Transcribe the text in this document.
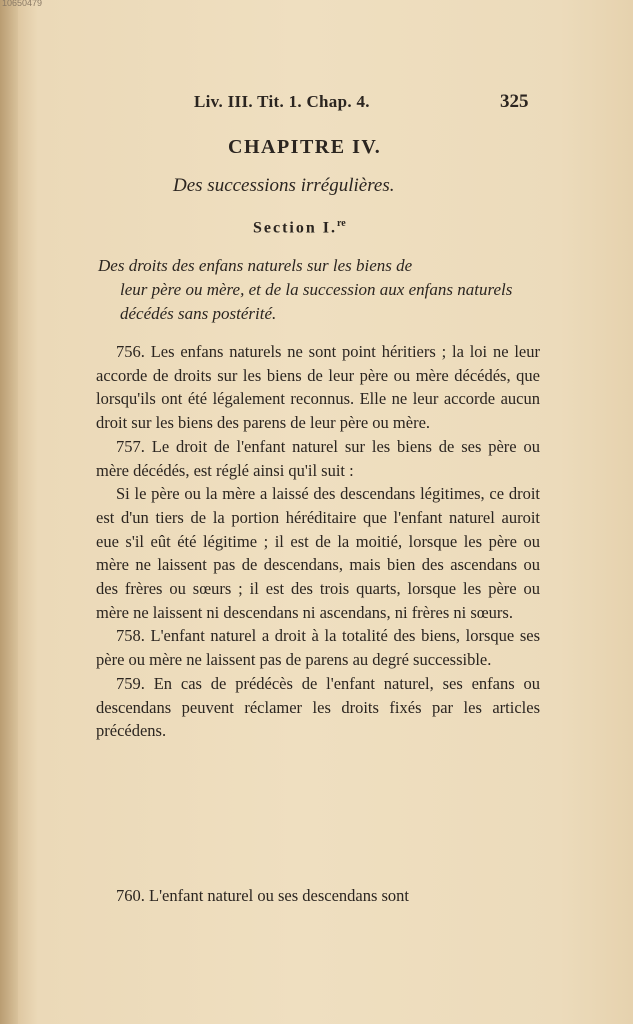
10650479
Liv. III. Tit. 1. Chap. 4.	325
CHAPITRE IV.
Des successions irrégulières.
Section I.$^{re}$
Des droits des enfans naturels sur les biens de
leur père ou mère, et de la succession aux enfans naturels décédés sans postérité.

756. Les enfans naturels ne sont point héritiers ; la loi ne leur accorde de droits sur les biens de leur père ou mère décédés, que lorsqu'ils ont été légalement reconnus. Elle ne leur accorde aucun droit sur les biens des parens de leur père ou mère.

757. Le droit de l'enfant naturel sur les biens de ses père ou mère décédés, est réglé ainsi qu'il suit :

Si le père ou la mère a laissé des descendans légitimes, ce droit est d'un tiers de la portion héréditaire que l'enfant naturel auroit eue s'il eût été légitime ; il est de la moitié, lorsque les père ou mère ne laissent pas de descendans, mais bien des ascendans ou des frères ou sœurs ; il est des trois quarts, lorsque les père ou mère ne laissent ni descendans ni ascendans, ni frères ni sœurs.

758. L'enfant naturel a droit à la totalité des biens, lorsque ses père ou mère ne laissent pas de parens au degré successible.

759. En cas de prédécès de l'enfant naturel, ses enfans ou descendans peuvent réclamer les droits fixés par les articles précédens.

760. L'enfant naturel ou ses descendans sont
